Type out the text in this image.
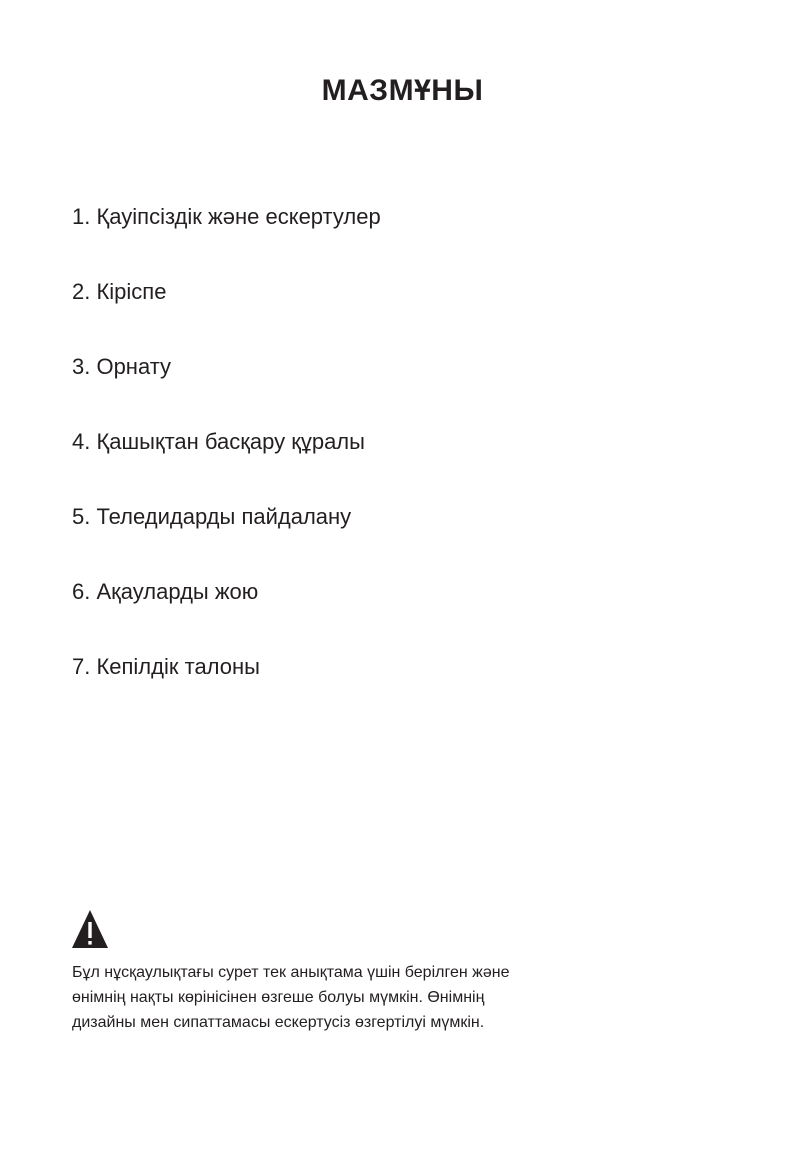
МАЗМҰНЫ
1. Қауіпсіздік және ескертулер
2. Кіріспе
3. Орнату
4. Қашықтан басқару құралы
5. Теледидарды пайдалану
6. Ақауларды жою
7. Кепілдік талоны

Бұл нұсқаулықтағы сурет тек анықтама үшін берілген және
өнімнің нақты көрінісінен өзгеше болуы мүмкін. Өнімнің
дизайны мен сипаттамасы ескертусіз өзгертілуі мүмкін.
